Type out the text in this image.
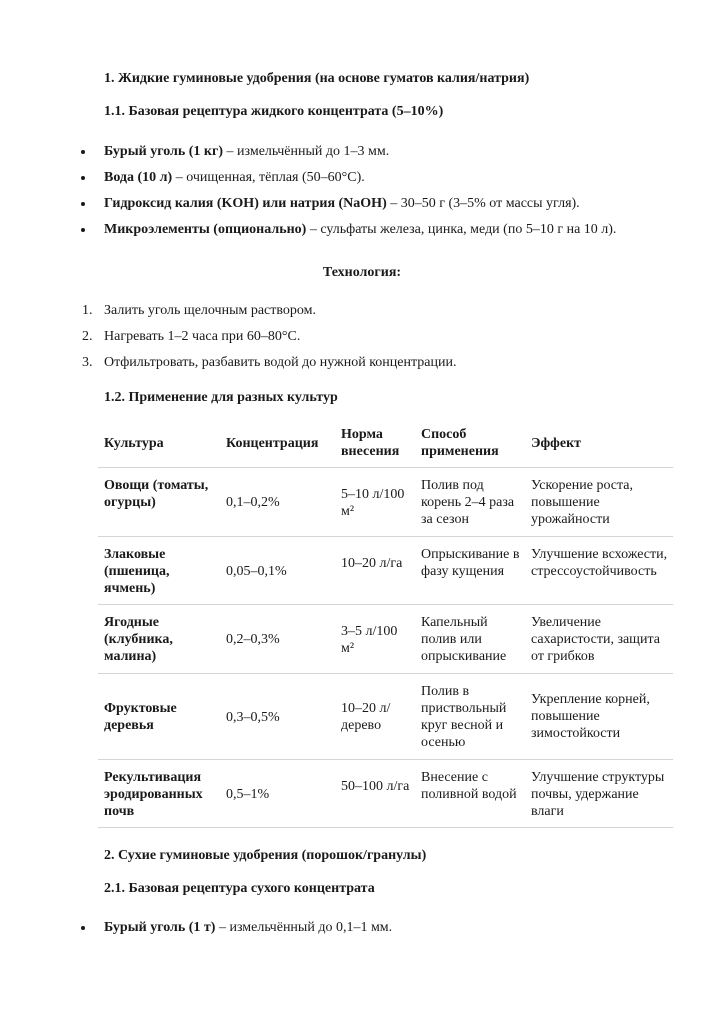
1. Жидкие гуминовые удобрения (на основе гуматов калия/натрия)
1.1. Базовая рецептура жидкого концентрата (5–10%)
Бурый уголь (1 кг) – измельчённый до 1–3 мм.
Вода (10 л) – очищенная, тёплая (50–60°C).
Гидроксид калия (KOH) или натрия (NaOH) – 30–50 г (3–5% от массы угля).
Микроэлементы (опционально) – сульфаты железа, цинка, меди (по 5–10 г на 10 л).
Технология:
1. Залить уголь щелочным раствором.
2. Нагревать 1–2 часа при 60–80°C.
3. Отфильтровать, разбавить водой до нужной концентрации.
1.2. Применение для разных культур
Культура	Концентрация
Норма внесения
Способ применения
Эффект
Овощи (томаты, огурцы)	0,1–0,2%
5–10 л/100 м²
Полив под корень 2–4 раза за сезон
Ускорение роста, повышение урожайности
Злаковые (пшеница, ячмень)
0,05–0,1%
10–20 л/га
Опрыскивание в фазу кущения
Улучшение всхожести, стрессоустойчивость
Ягодные (клубника, малина)
0,2–0,3%
3–5 л/100 м²
Капельный полив или опрыскивание
Увеличение сахаристости, защита от грибков
Фруктовые деревья
0,3–0,5%
10–20 л/дерево
Полив в приствольный круг весной и осенью
Укрепление корней, повышение зимостойкости
Рекультивация эродированных почв
0,5–1%
50–100 л/га
Внесение с поливной водой
Улучшение структуры почвы, удержание влаги
2. Сухие гуминовые удобрения (порошок/гранулы)
2.1. Базовая рецептура сухого концентрата
Бурый уголь (1 т) – измельчённый до 0,1–1 мм.
